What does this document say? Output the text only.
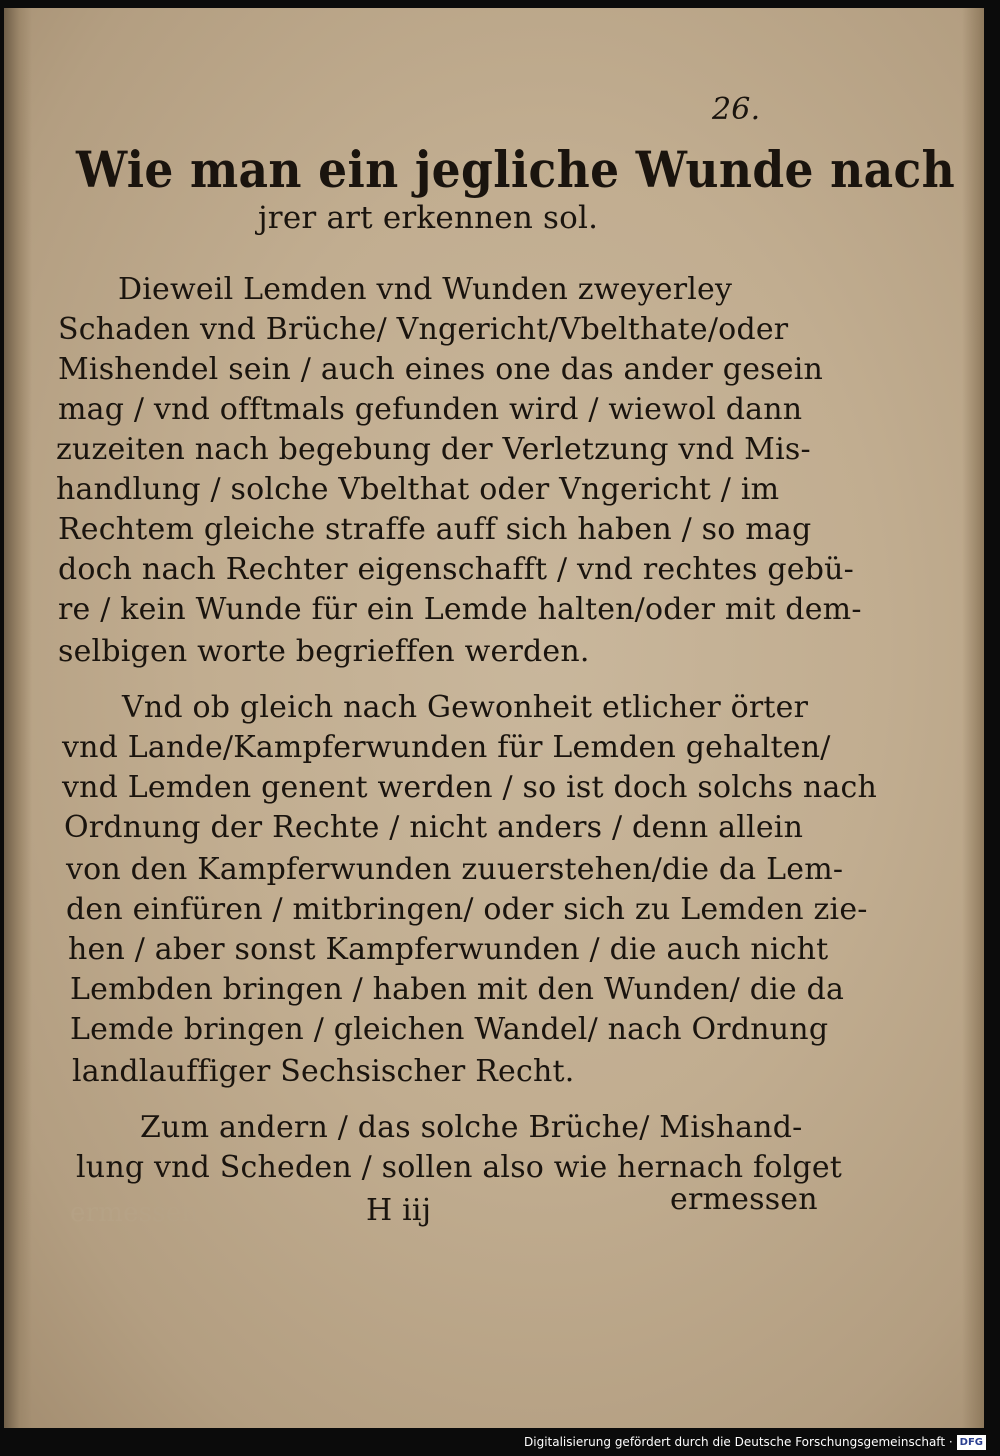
26.
Wie man ein jegliche Wunde nach
jrer art erkennen sol.
Dieweil Lemden vnd Wunden zweyerley
Schaden vnd Brüche/ Vngericht/Vbelthate/oder
Mishendel sein / auch eines one das ander gesein
mag / vnd offtmals gefunden wird / wiewol dann
zuzeiten nach begebung der Verletzung vnd Mis-
handlung / solche Vbelthat oder Vngericht / im
Rechtem gleiche straffe auff sich haben / so mag
doch nach Rechter eigenschafft / vnd rechtes gebü-
re / kein Wunde für ein Lemde halten/oder mit dem-
selbigen worte begrieffen werden.
Vnd ob gleich nach Gewonheit etlicher örter
vnd Lande/Kampferwunden für Lemden gehalten/
vnd Lemden genent werden / so ist doch solchs nach
Ordnung der Rechte / nicht anders / denn allein
von den Kampferwunden zuuerstehen/die da Lem-
den einfüren / mitbringen/ oder sich zu Lemden zie-
hen / aber sonst Kampferwunden / die auch nicht
Lembden bringen / haben mit den Wunden/ die da
Lemde bringen / gleichen Wandel/ nach Ordnung
landlauffiger Sechsischer Recht.
Zum andern / das solche Brüche/ Mishand-
lung vnd Scheden / sollen also wie hernach folget
ermessen	H iij	ermessen
Digitalisierung gefördert durch die Deutsche Forschungsgemeinschaft · DFG
